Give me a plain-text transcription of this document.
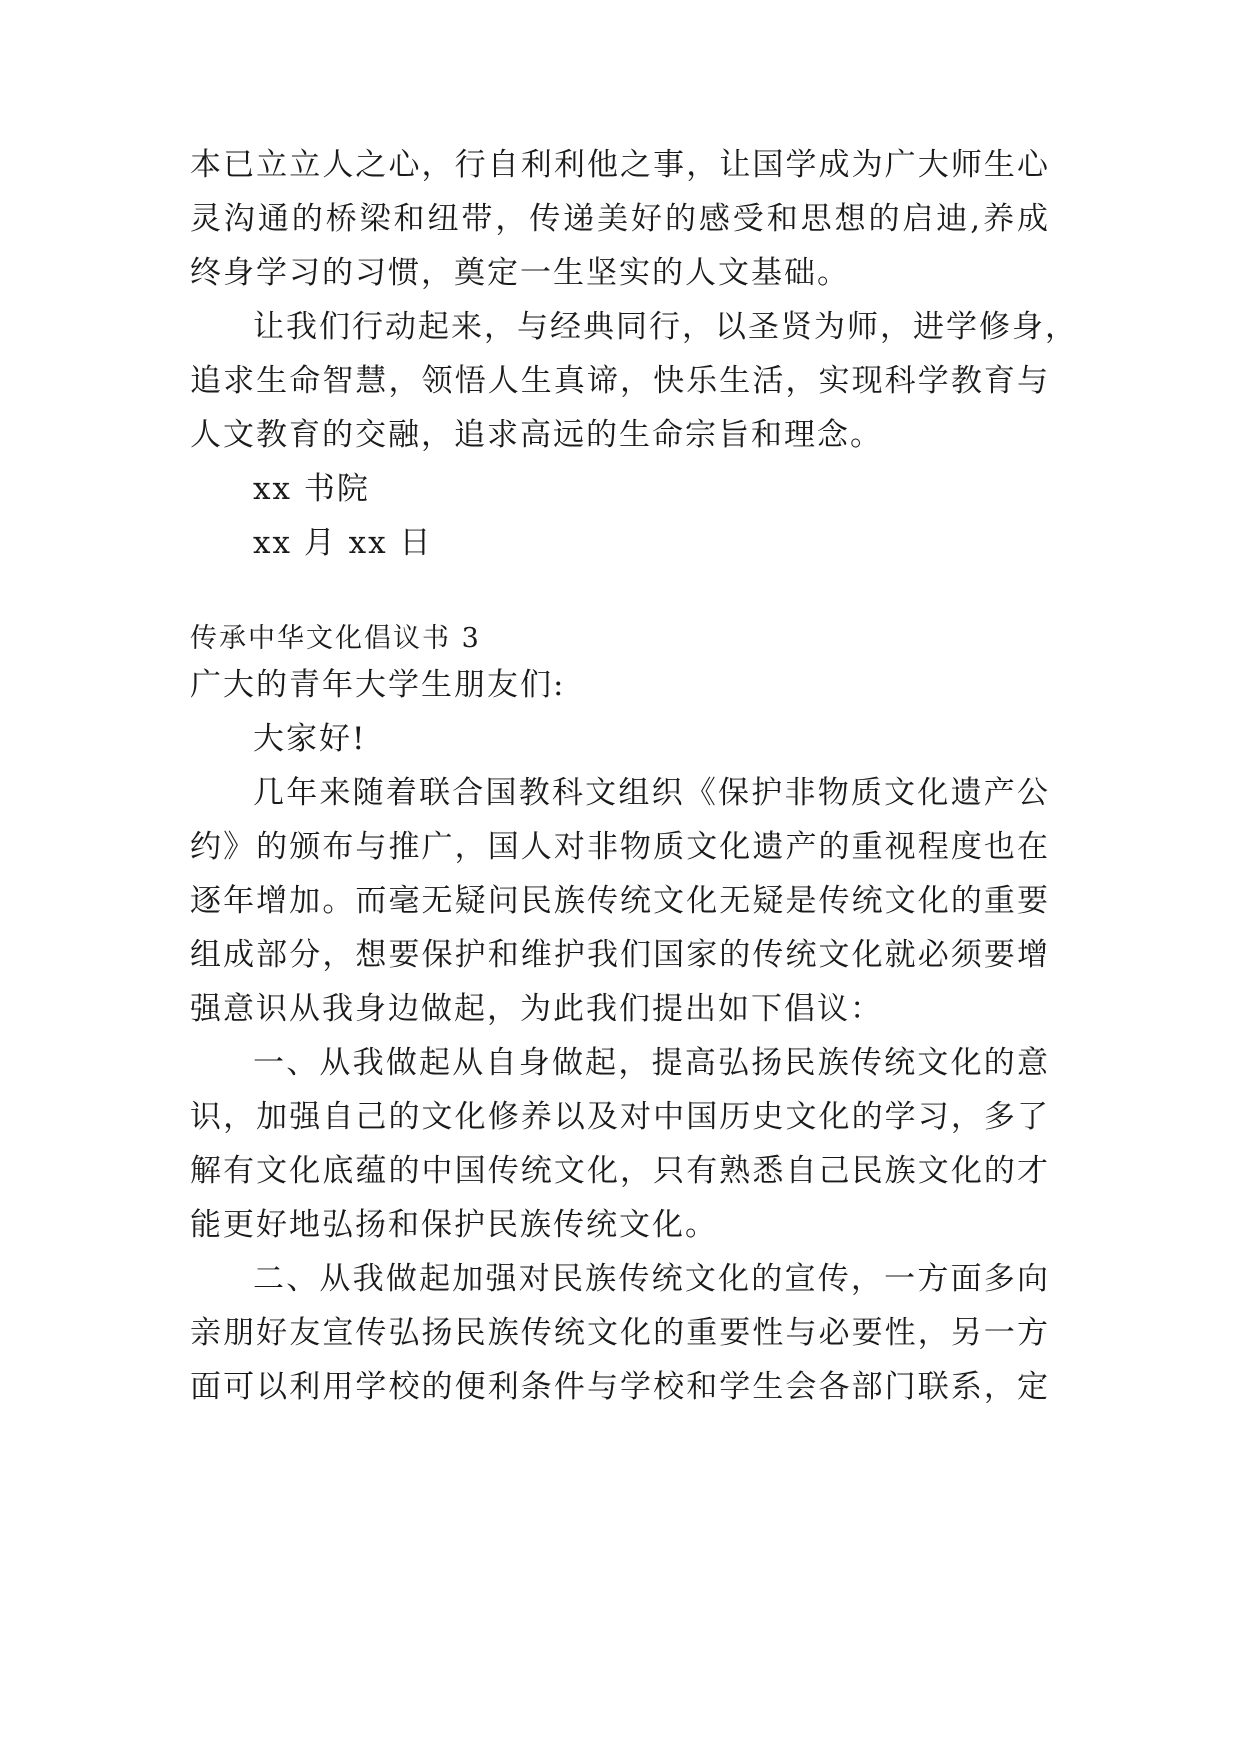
本已立立人之心，行自利利他之事，让国学成为广大师生心
灵沟通的桥梁和纽带，传递美好的感受和思想的启迪,养成
终身学习的习惯，奠定一生坚实的人文基础。
让我们行动起来，与经典同行，以圣贤为师，进学修身，
追求生命智慧，领悟人生真谛，快乐生活，实现科学教育与
人文教育的交融，追求高远的生命宗旨和理念。
xx 书院
xx 月 xx 日
传承中华文化倡议书 3
广大的青年大学生朋友们:
大家好!
几年来随着联合国教科文组织《保护非物质文化遗产公
约》的颁布与推广，国人对非物质文化遗产的重视程度也在
逐年增加。而毫无疑问民族传统文化无疑是传统文化的重要
组成部分，想要保护和维护我们国家的传统文化就必须要增
强意识从我身边做起，为此我们提出如下倡议：
一、从我做起从自身做起，提高弘扬民族传统文化的意
识，加强自己的文化修养以及对中国历史文化的学习，多了
解有文化底蕴的中国传统文化，只有熟悉自己民族文化的才
能更好地弘扬和保护民族传统文化。
二、从我做起加强对民族传统文化的宣传，一方面多向
亲朋好友宣传弘扬民族传统文化的重要性与必要性，另一方
面可以利用学校的便利条件与学校和学生会各部门联系，定
